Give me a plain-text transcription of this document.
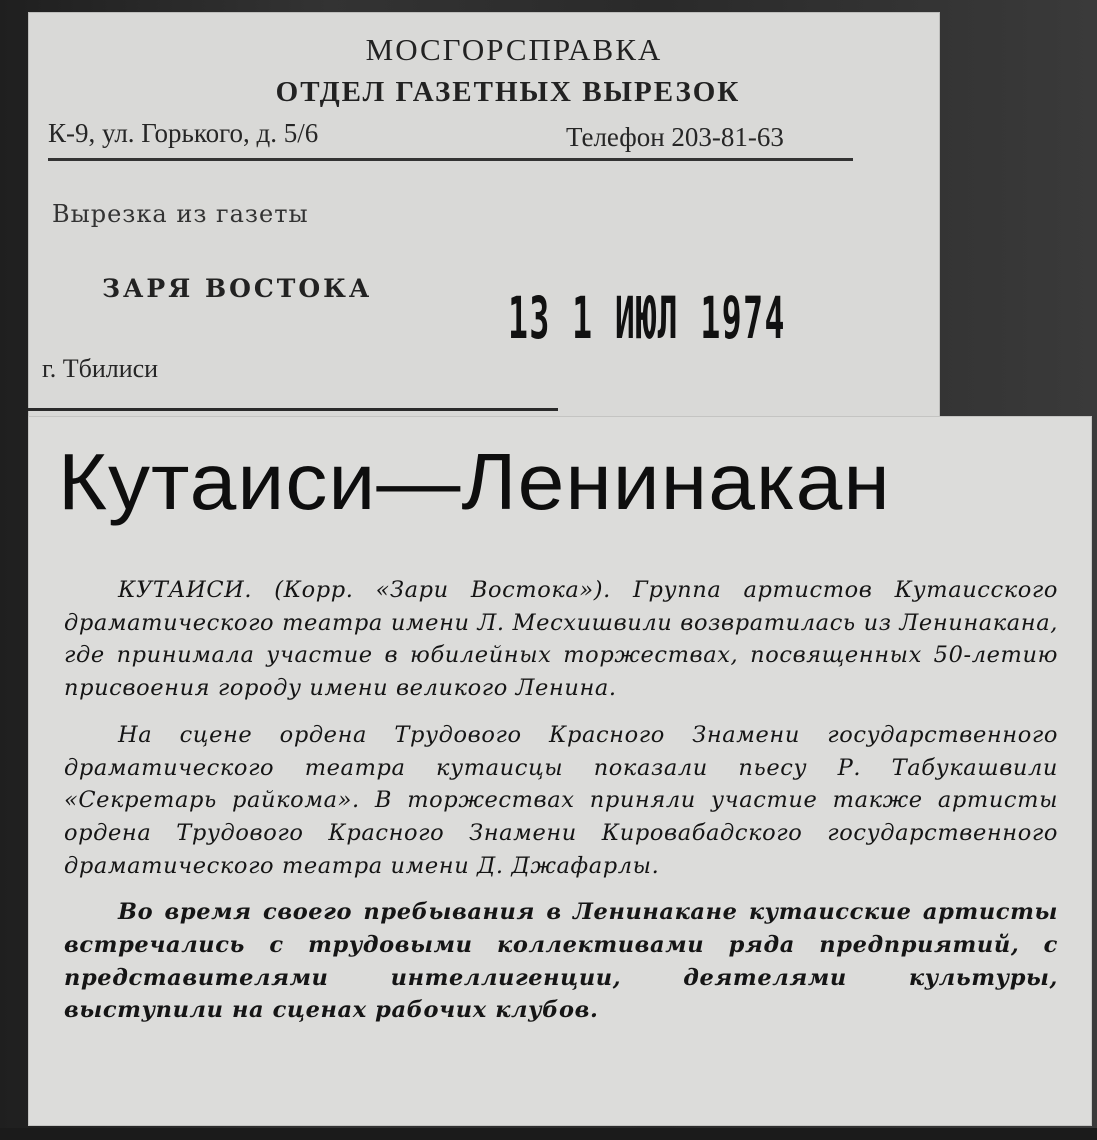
МОСГОРСПРАВКА
ОТДЕЛ ГАЗЕТНЫХ ВЫРЕЗОК
К-9, ул. Горького, д. 5/6	Телефон 203-81-63
Вырезка из газеты
ЗАРЯ ВОСТОКА	13 1 ИЮЛ 1974
г. Тбилиси
Кутаиси—Ленинакан

КУТАИСИ. (Корр. «Зари Востока»). Группа артистов Кутаисского драматического театра имени Л. Месхишвили возвратилась из Ленинакана, где принимала участие в юбилейных торжествах, посвященных 50-летию присвоения городу имени великого Ленина.

На сцене ордена Трудового Красного Знамени государственного драматического театра кутаисцы показали пьесу Р. Табукашвили «Секретарь райкома». В торжествах приняли участие также артисты ордена Трудового Красного Знамени Кировабадского государственного драматического театра имени Д. Джафарлы.

Во время своего пребывания в Ленинакане кутаисские артисты встречались с трудовыми коллективами ряда предприятий, с представителями интеллигенции, деятелями культуры, выступили на сценах рабочих клубов.
